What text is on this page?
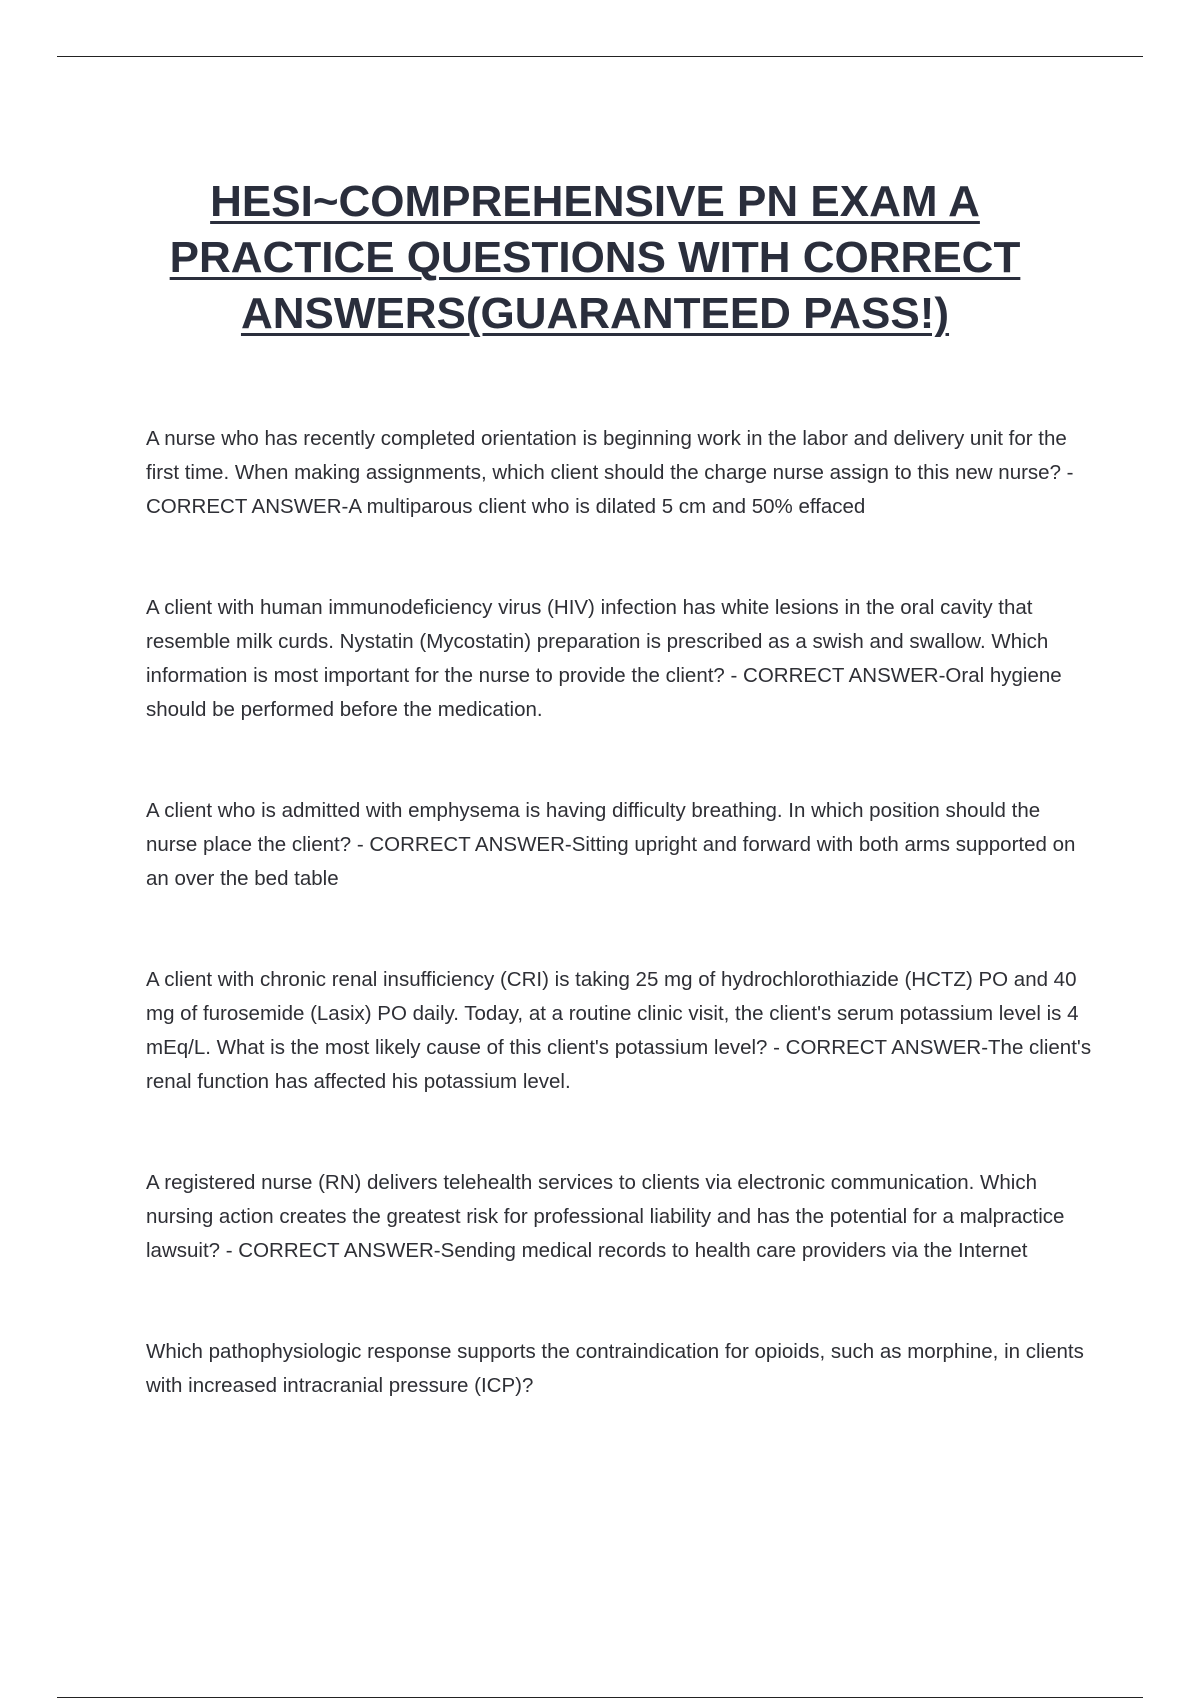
HESI~COMPREHENSIVE PN EXAM A PRACTICE QUESTIONS WITH CORRECT ANSWERS(GUARANTEED PASS!)

A nurse who has recently completed orientation is beginning work in the labor and delivery unit for the first time. When making assignments, which client should the charge nurse assign to this new nurse? - CORRECT ANSWER-A multiparous client who is dilated 5 cm and 50% effaced

A client with human immunodeficiency virus (HIV) infection has white lesions in the oral cavity that resemble milk curds. Nystatin (Mycostatin) preparation is prescribed as a swish and swallow. Which information is most important for the nurse to provide the client? - CORRECT ANSWER-Oral hygiene should be performed before the medication.

A client who is admitted with emphysema is having difficulty breathing. In which position should the nurse place the client? - CORRECT ANSWER-Sitting upright and forward with both arms supported on an over the bed table

A client with chronic renal insufficiency (CRI) is taking 25 mg of hydrochlorothiazide (HCTZ) PO and 40 mg of furosemide (Lasix) PO daily. Today, at a routine clinic visit, the client's serum potassium level is 4 mEq/L. What is the most likely cause of this client's potassium level? - CORRECT ANSWER-The client's renal function has affected his potassium level.

A registered nurse (RN) delivers telehealth services to clients via electronic communication. Which nursing action creates the greatest risk for professional liability and has the potential for a malpractice lawsuit? - CORRECT ANSWER-Sending medical records to health care providers via the Internet

Which pathophysiologic response supports the contraindication for opioids, such as morphine, in clients with increased intracranial pressure (ICP)?
